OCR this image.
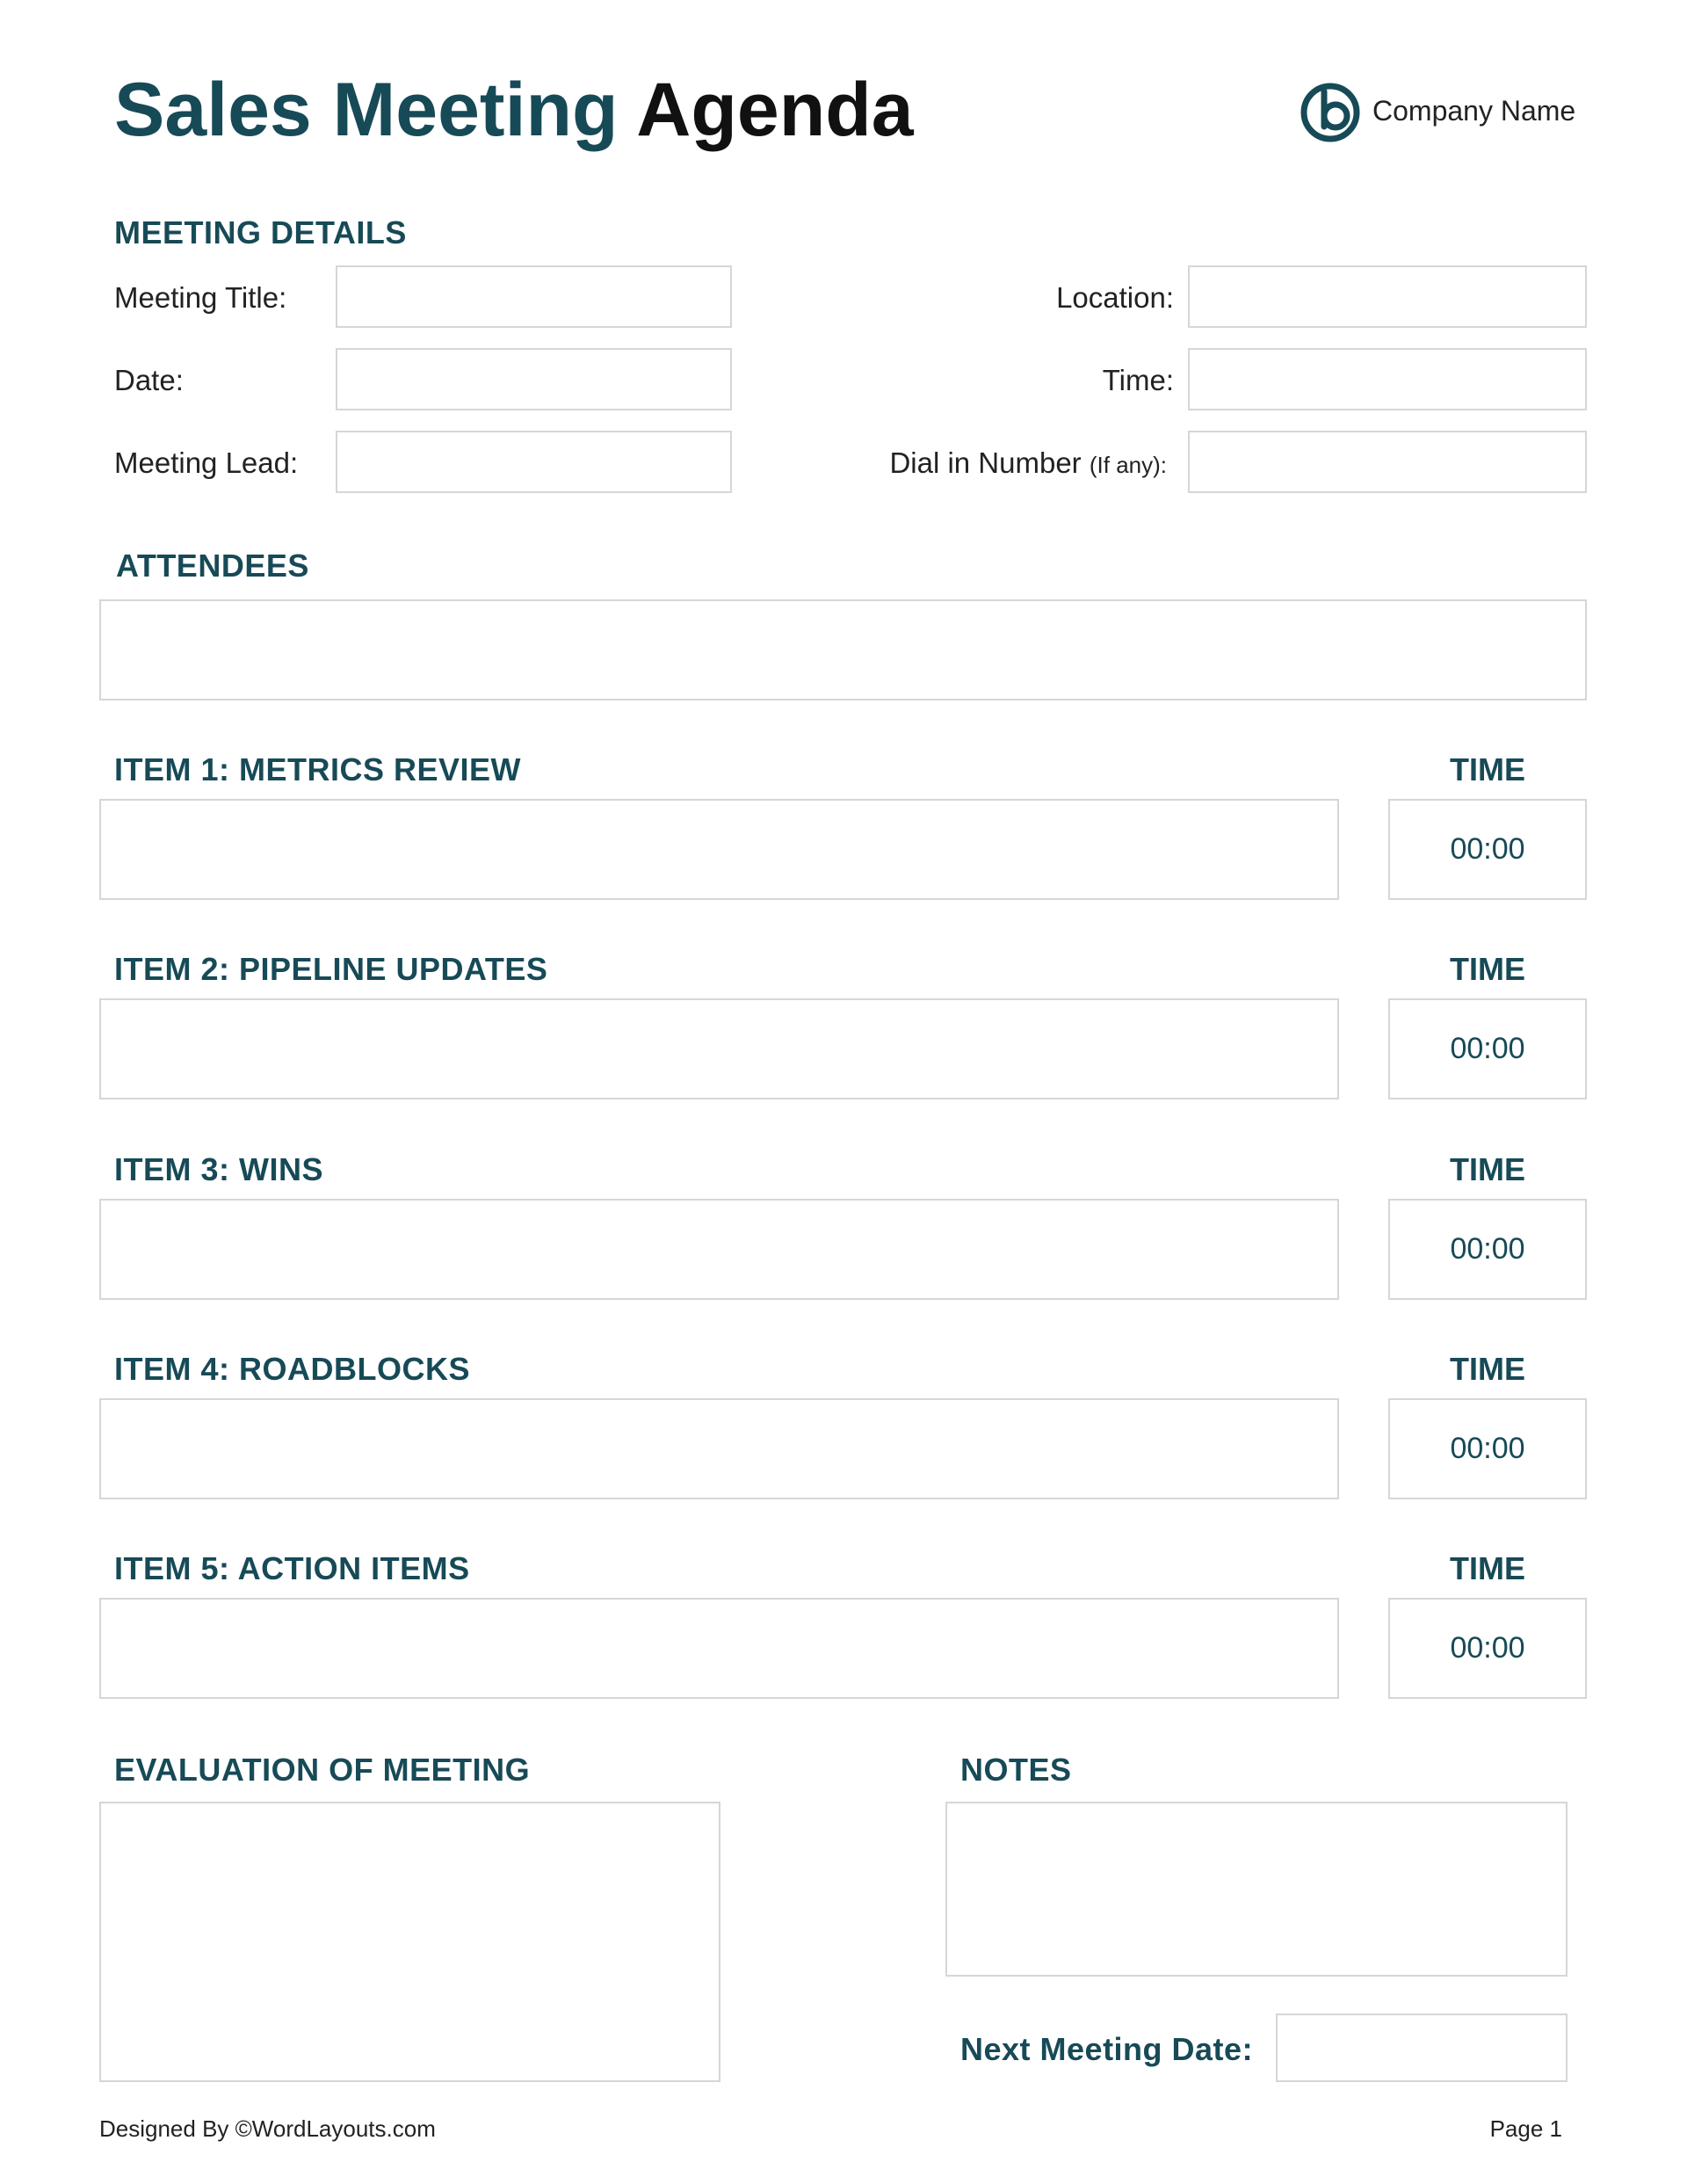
Sales Meeting Agenda	Company Name
MEETING DETAILS
Meeting Title:
Date:
Meeting Lead:
Location:
Time:
Dial in Number (If any):
ATTENDEES
ITEM 1: METRICS REVIEW	TIME
00:00
ITEM 2: PIPELINE UPDATES	TIME
00:00
ITEM 3: WINS	TIME
00:00
ITEM 4: ROADBLOCKS	TIME
00:00
ITEM 5: ACTION ITEMS	TIME
00:00
EVALUATION OF MEETING	NOTES
Next Meeting Date:
Designed By ©WordLayouts.com	Page 1
